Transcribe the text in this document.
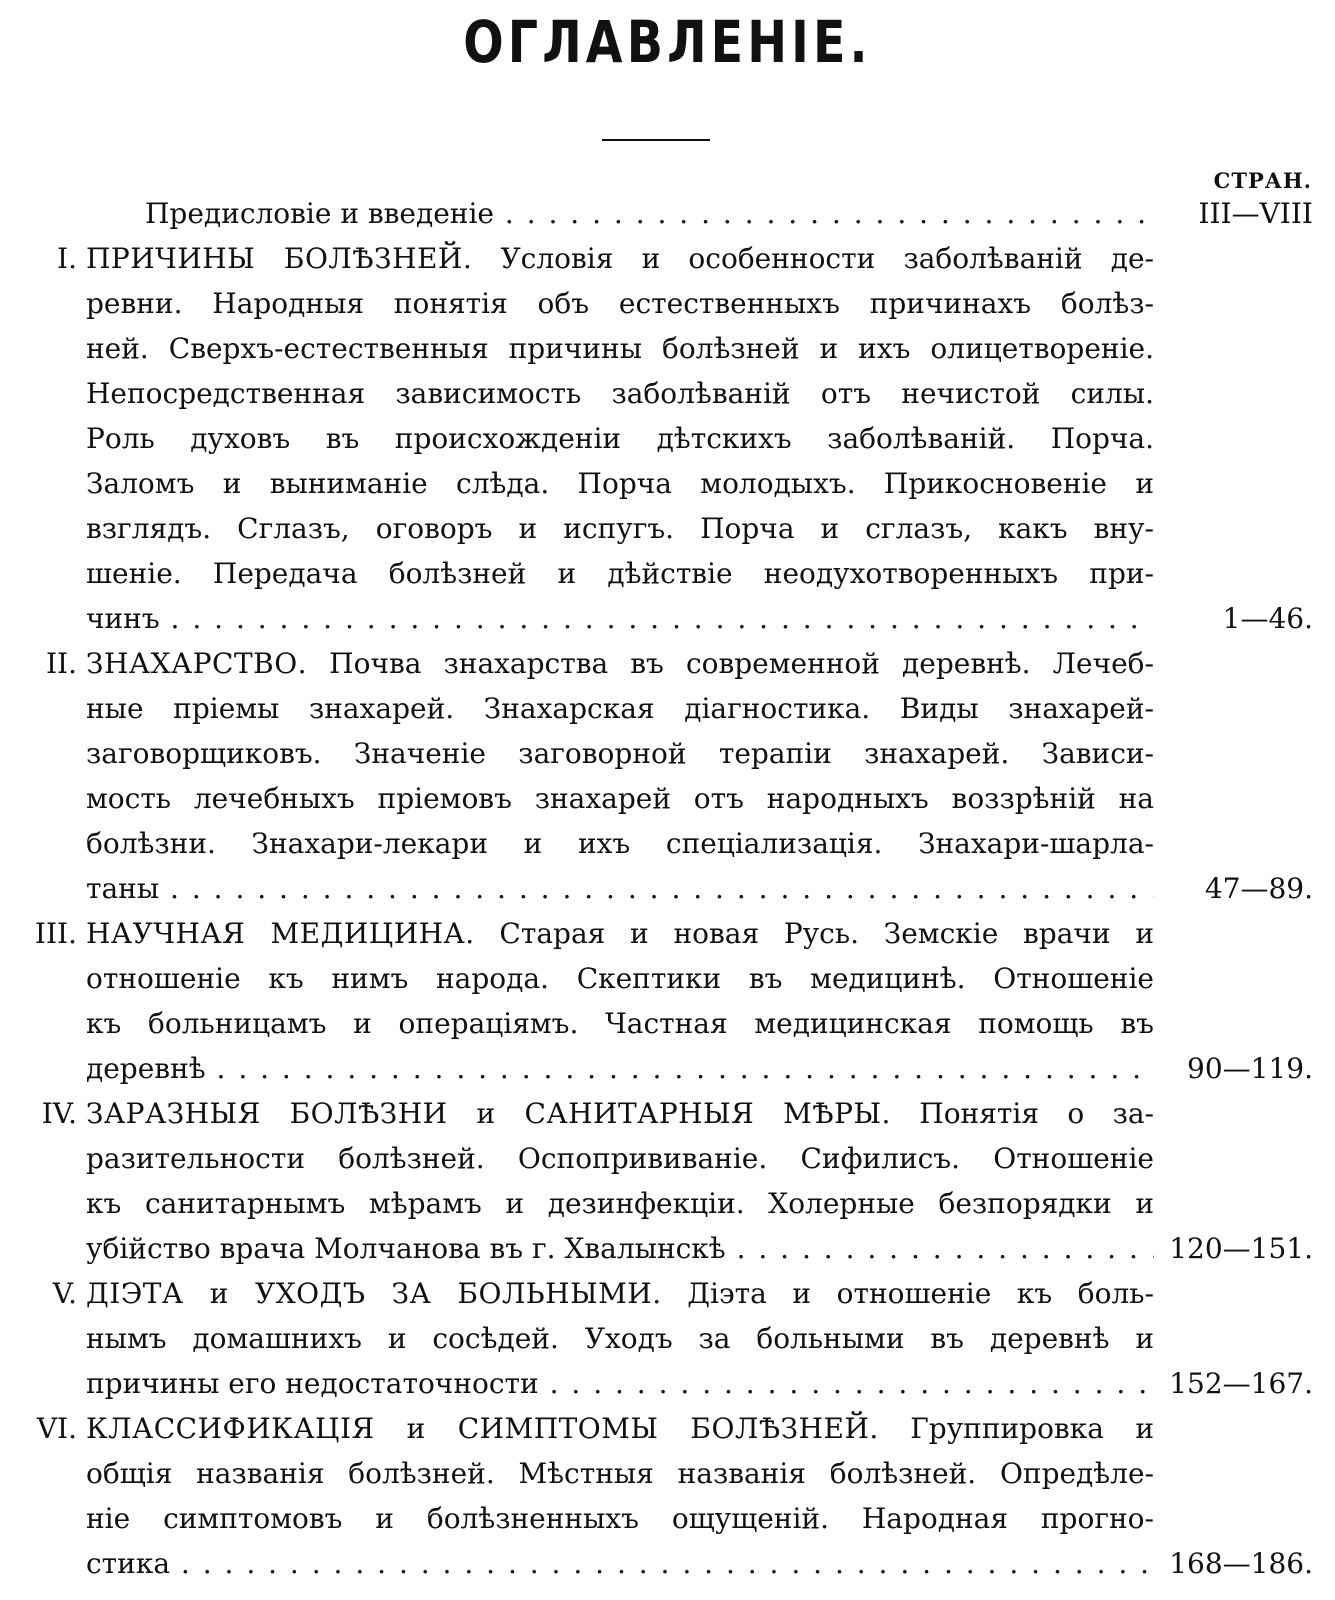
ОГЛАВЛЕНІЕ.
СТРАН.
Предисловіе и введеніе . . .	III—VIII
I. ПРИЧИНЫ БОЛѢЗНЕЙ. Условія и особенности заболѣваній де-
ревни. Народныя понятія объ естественныхъ причинахъ болѣз-
ней. Сверхъ-естественныя причины болѣзней и ихъ олицетвореніе.
Непосредственная зависимость заболѣваній отъ нечистой силы.
Роль духовъ въ происхожденіи дѣтскихъ заболѣваній. Порча.
Заломъ и выниманіе слѣда. Порча молодыхъ. Прикосновеніе и
взглядъ. Сглазъ, оговоръ и испугъ. Порча и сглазъ, какъ вну-
шеніе. Передача болѣзней и дѣйствіе неодухотворенныхъ при-
чинъ . . .	1—46.
II. ЗНАХАРСТВО. Почва знахарства въ современной деревнѣ. Лечеб-
ные пріемы знахарей. Знахарская діагностика. Виды знахарей-
заговорщиковъ. Значеніе заговорной терапіи знахарей. Зависи-
мость лечебныхъ пріемовъ знахарей отъ народныхъ воззрѣній на
болѣзни. Знахари-лекари и ихъ спеціализація. Знахари-шарла-
таны . . .	47—89.
III. НАУЧНАЯ МЕДИЦИНА. Старая и новая Русь. Земскіе врачи и
отношеніе къ нимъ народа. Скептики въ медицинѣ. Отношеніе
къ больницамъ и операціямъ. Частная медицинская помощь въ
деревнѣ . . .	90—119.
IV. ЗАРАЗНЫЯ БОЛѢЗНИ и САНИТАРНЫЯ МѢРЫ. Понятія о за-
разительности болѣзней. Оспопрививаніе. Сифилисъ. Отношеніе
къ санитарнымъ мѣрамъ и дезинфекціи. Холерные безпорядки и
убійство врача Молчанова въ г. Хвалынскѣ . . .	120—151.
V. ДІЭТА и УХОДЪ ЗА БОЛЬНЫМИ. Діэта и отношеніе къ боль-
нымъ домашнихъ и сосѣдей. Уходъ за больными въ деревнѣ и
причины его недостаточности . . .	152—167.
VI. КЛАССИФИКАЦІЯ и СИМПТОМЫ БОЛѢЗНЕЙ. Группировка и
общія названія болѣзней. Мѣстныя названія болѣзней. Опредѣле-
ніе симптомовъ и болѣзненныхъ ощущеній. Народная прогно-
стика . . .	168—186.
